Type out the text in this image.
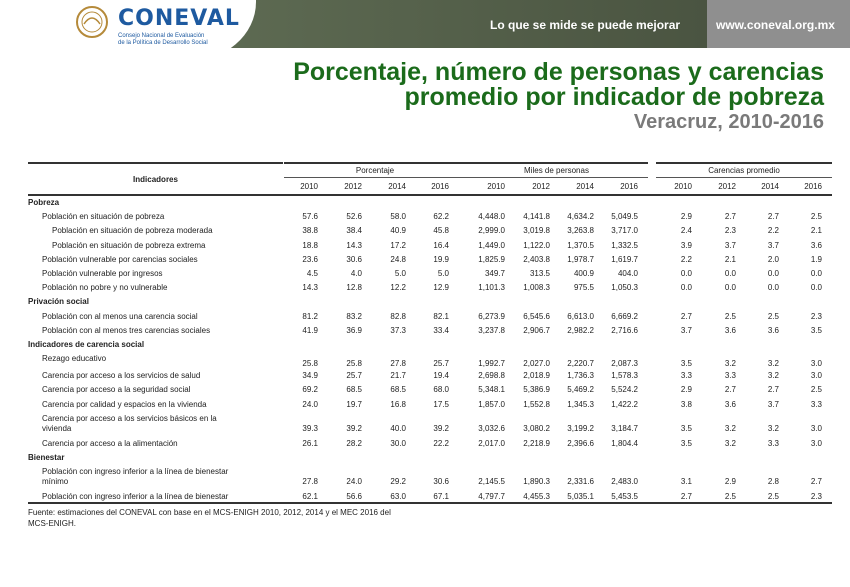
CONEVAL
Consejo Nacional de Evaluación
de la Política de Desarrollo Social
Lo que se mide se puede mejorar	www.coneval.org.mx
Porcentaje, número de personas y carencias
promedio por indicador de pobreza
Veracruz, 2010-2016
Indicadores
Pobreza
Población en situación de pobreza	57.6	52.6	58.0	62.2	4,448.0	4,141.8	4,634.2	5,049.5	2.9	2.7	2.7	2.5
Población en situación de pobreza moderada	38.8	38.4	40.9	45.8	2,999.0	3,019.8	3,263.8	3,717.0	2.4	2.3	2.2	2.1
Población en situación de pobreza extrema	18.8	14.3	17.2	16.4	1,449.0	1,122.0	1,370.5	1,332.5	3.9	3.7	3.7	3.6
Población vulnerable por carencias sociales	23.6	30.6	24.8	19.9	1,825.9	2,403.8	1,978.7	1,619.7	2.2	2.1	2.0	1.9
Población vulnerable por ingresos	4.5	4.0	5.0	5.0	349.7	313.5	400.9	404.0	0.0	0.0	0.0	0.0
Población no pobre y no vulnerable	14.3	12.8	12.2	12.9	1,101.3	1,008.3	975.5	1,050.3	0.0	0.0	0.0	0.0
Privación social
Población con al menos una carencia social	81.2	83.2	82.8	82.1	6,273.9	6,545.6	6,613.0	6,669.2	2.7	2.5	2.5	2.3
Población con al menos tres carencias sociales	41.9	36.9	37.3	33.4	3,237.8	2,906.7	2,982.2	2,716.6	3.7	3.6	3.6	3.5
Indicadores de carencia social
Rezago educativo
25.8	25.8	27.8	25.7	1,992.7	2,027.0	2,220.7	2,087.3	3.5	3.2	3.2	3.0
Carencia por acceso a los servicios de salud	34.9	25.7	21.7	19.4	2,698.8	2,018.9	1,736.3	1,578.3	3.3	3.3	3.2	3.0
Carencia por acceso a la seguridad social	69.2	68.5	68.5	68.0	5,348.1	5,386.9	5,469.2	5,524.2	2.9	2.7	2.7	2.5
Carencia por calidad y espacios en la vivienda	24.0	19.7	16.8	17.5	1,857.0	1,552.8	1,345.3	1,422.2	3.8	3.6	3.7	3.3
Carencia por acceso a los servicios básicos en la
vivienda	39.3	39.2	40.0	39.2	3,032.6	3,080.2	3,199.2	3,184.7	3.5	3.2	3.2	3.0
Carencia por acceso a la alimentación	26.1	28.2	30.0	22.2	2,017.0	2,218.9	2,396.6	1,804.4	3.5	3.2	3.3	3.0
Bienestar
Población con ingreso inferior a la línea de bienestar
mínimo	27.8	24.0	29.2	30.6	2,145.5	1,890.3	2,331.6	2,483.0	3.1	2.9	2.8	2.7
Población con ingreso inferior a la línea de bienestar	62.1	56.6	63.0	67.1	4,797.7	4,455.3	5,035.1	5,453.5	2.7	2.5	2.5	2.3
Porcentaje
2010	2012	2014	2016
Miles de personas
2010	2012	2014	2016
Carencias promedio
2010	2012	2014	2016
Fuente: estimaciones del CONEVAL con base en el MCS-ENIGH 2010, 2012, 2014 y el MEC 2016 del MCS-ENIGH.
